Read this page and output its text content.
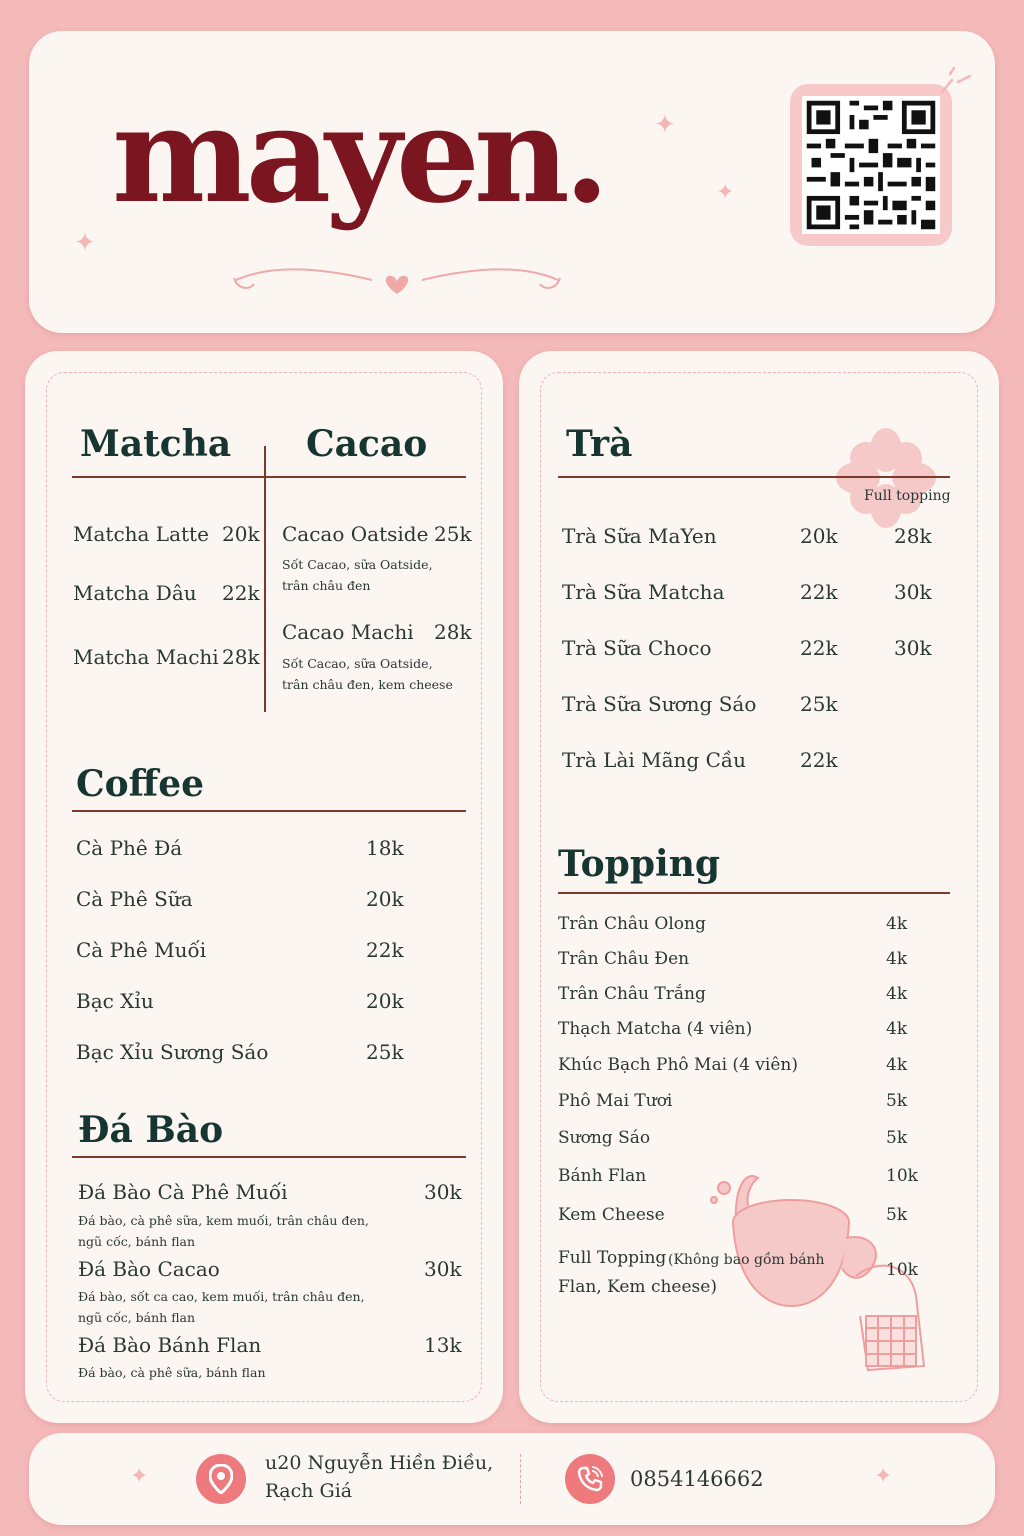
mayen.
✦
✦
✦
Matcha Cacao
Matcha Latte 20k
Matcha Dâu 22k
Matcha Machi 28k
Cacao Oatside 25k
Sốt Cacao, sữa Oatside,
trân châu đen
Cacao Machi 28k
Sốt Cacao, sữa Oatside,
trân châu đen, kem cheese
Coffee
Cà Phê Đá	18k
Cà Phê Sữa	20k
Cà Phê Muối	22k
Bạc Xỉu	20k
Bạc Xỉu Sương Sáo	25k
Đá Bào
Đá Bào Cà Phê Muối	30k
Đá bào, cà phê sữa, kem muối, trân châu đen,
ngũ cốc, bánh flan
Đá Bào Cacao	30k
Đá bào, sốt ca cao, kem muối, trân châu đen,
ngũ cốc, bánh flan
Đá Bào Bánh Flan	13k
Đá bào, cà phê sữa, bánh flan
Trà
Full topping
Trà Sữa MaYen	20k	28k
Trà Sữa Matcha	22k	30k
Trà Sữa Choco	22k	30k
Trà Sữa Sương Sáo 25k
Trà Lài Mãng Cầu	22k
Topping
Trân Châu Olong	4k
Trân Châu Đen	4k
Trân Châu Trắng	4k
Thạch Matcha (4 viên)	4k
Khúc Bạch Phô Mai (4 viên)	4k
Phô Mai Tươi	5k
Sương Sáo	5k
Bánh Flan	10k
Kem Cheese	5k
Full Topping (Không bao gồm bánh
Flan, Kem cheese)
10k
✦	✦
u20 Nguyễn Hiền Điều,
Rạch Giá	0854146662
